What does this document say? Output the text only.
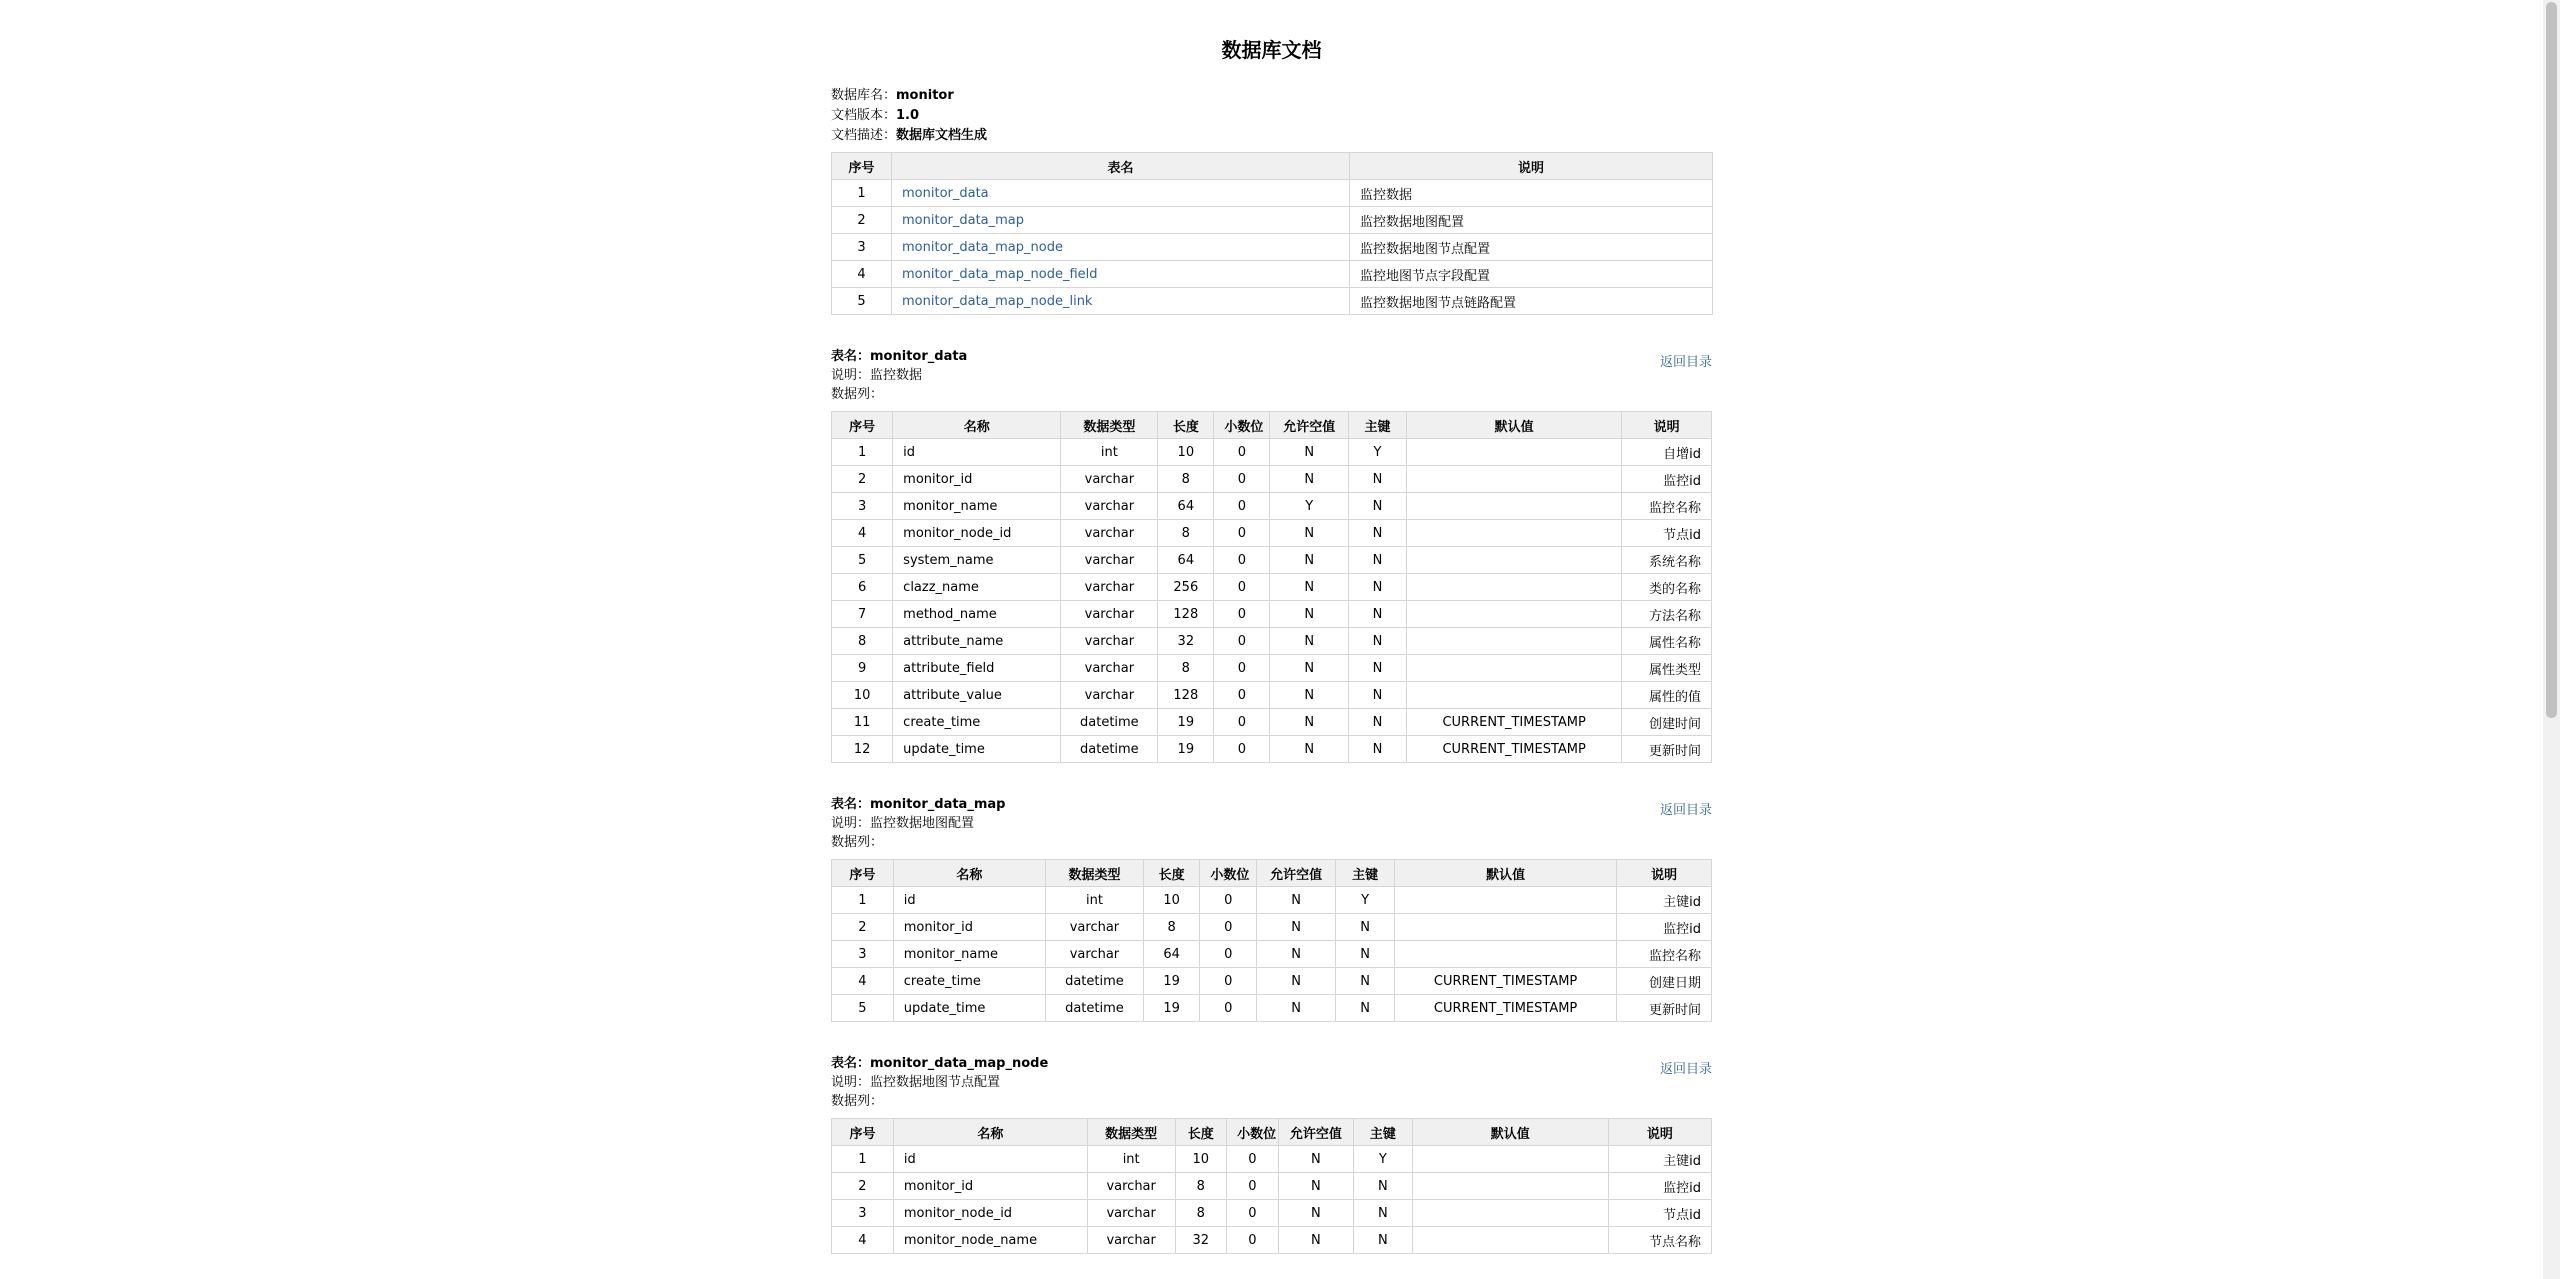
数据库文档
数据库名：monitor
文档版本：1.0
文档描述：数据库文档生成
序号	表名	说明
1	monitor_data	监控数据
2	monitor_data_map	监控数据地图配置
3	monitor_data_map_node	监控数据地图节点配置
4	monitor_data_map_node_field	监控地图节点字段配置
5	monitor_data_map_node_link	监控数据地图节点链路配置
表名：monitor_data
说明：监控数据
数据列：
返回目录
序号	名称	数据类型	长度	小数位	允许空值	主键	默认值	说明
1	id	int	10	0	N	Y		自增id
2	monitor_id	varchar	8	0	N	N		监控id
3	monitor_name	varchar	64	0	Y	N		监控名称
4	monitor_node_id	varchar	8	0	N	N		节点id
5	system_name	varchar	64	0	N	N		系统名称
6	clazz_name	varchar	256	0	N	N		类的名称
7	method_name	varchar	128	0	N	N		方法名称
8	attribute_name	varchar	32	0	N	N		属性名称
9	attribute_field	varchar	8	0	N	N		属性类型
10	attribute_value	varchar	128	0	N	N		属性的值
11	create_time	datetime	19	0	N	N	CURRENT_TIMESTAMP	创建时间
12	update_time	datetime	19	0	N	N	CURRENT_TIMESTAMP	更新时间
表名：monitor_data_map
说明：监控数据地图配置
数据列：
返回目录
序号	名称	数据类型	长度	小数位	允许空值	主键	默认值	说明
1	id	int	10	0	N	Y		主键id
2	monitor_id	varchar	8	0	N	N		监控id
3	monitor_name	varchar	64	0	N	N		监控名称
4	create_time	datetime	19	0	N	N	CURRENT_TIMESTAMP	创建日期
5	update_time	datetime	19	0	N	N	CURRENT_TIMESTAMP	更新时间
表名：monitor_data_map_node
说明：监控数据地图节点配置
数据列：
返回目录
序号	名称	数据类型	长度	小数位	允许空值	主键	默认值	说明
1	id	int	10	0	N	Y		主键id
2	monitor_id	varchar	8	0	N	N		监控id
3	monitor_node_id	varchar	8	0	N	N		节点id
4	monitor_node_name	varchar	32	0	N	N		节点名称
